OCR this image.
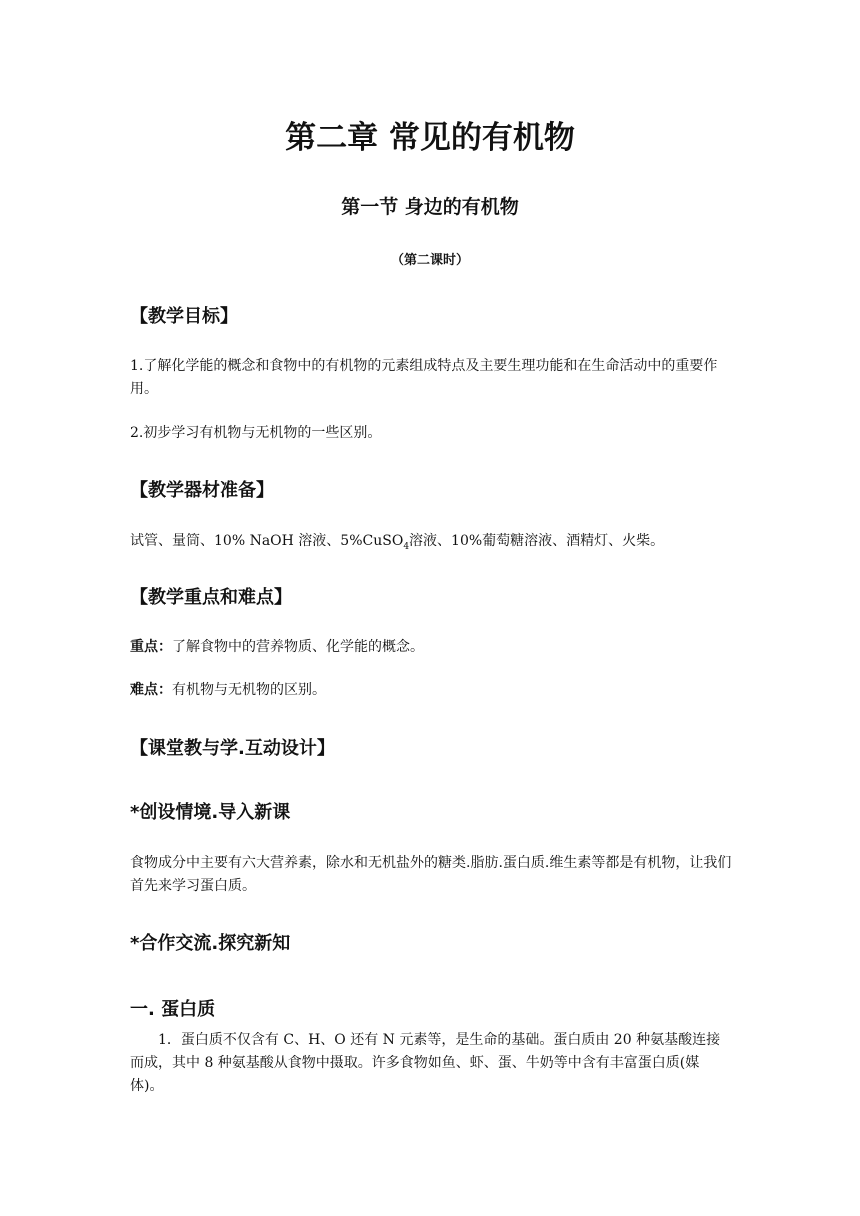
第二章 常见的有机物
第一节 身边的有机物
（第二课时）
【教学目标】
1.了解化学能的概念和食物中的有机物的元素组成特点及主要生理功能和在生命活动中的重要作用。
2.初步学习有机物与无机物的一些区别。
【教学器材准备】
试管、量筒、10% NaOH 溶液、5%CuSO$_4$溶液、10%葡萄糖溶液、酒精灯、火柴。
【教学重点和难点】
重点：了解食物中的营养物质、化学能的概念。
难点：有机物与无机物的区别。
【课堂教与学.互动设计】
*创设情境.导入新课
食物成分中主要有六大营养素，除水和无机盐外的糖类.脂肪.蛋白质.维生素等都是有机物，让我们首先来学习蛋白质。
*合作交流.探究新知
一. 蛋白质
1．蛋白质不仅含有 C、H、O 还有 N 元素等，是生命的基础。蛋白质由 20 种氨基酸连接而成，其中 8 种氨基酸从食物中摄取。许多食物如鱼、虾、蛋、牛奶等中含有丰富蛋白质(媒体)。
